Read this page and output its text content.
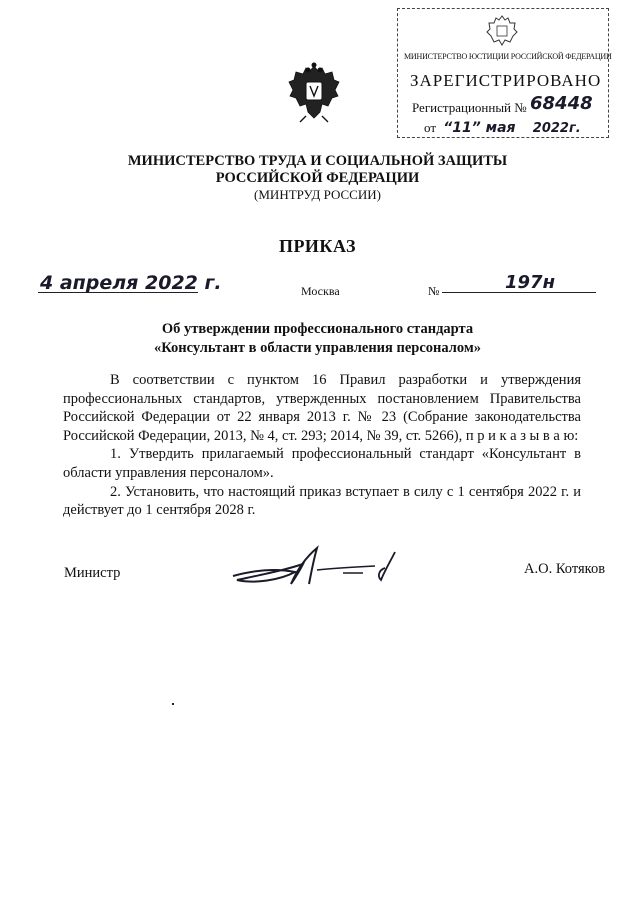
МИНИСТЕРСТВО ЮСТИЦИИ РОССИЙСКОЙ ФЕДЕРАЦИИ
ЗАРЕГИСТРИРОВАНО
Регистрационный № 68448
от “11” мая 2022г.
МИНИСТЕРСТВО ТРУДА И СОЦИАЛЬНОЙ ЗАЩИТЫ
РОССИЙСКОЙ ФЕДЕРАЦИИ
(МИНТРУД РОССИИ)
ПРИКАЗ
4 апреля 2022 г.	Москва	№	197н
Об утверждении профессионального стандарта
«Консультант в области управления персоналом»

В соответствии с пунктом 16 Правил разработки и утверждения профессиональных стандартов, утвержденных постановлением Правительства Российской Федерации от 22 января 2013 г. № 23 (Собрание законодательства Российской Федерации, 2013, № 4, ст. 293; 2014, № 39, ст. 5266), п р и к а з ы в а ю:

1. Утвердить прилагаемый профессиональный стандарт «Консультант в области управления персоналом».

2. Установить, что настоящий приказ вступает в силу с 1 сентября 2022 г. и действует до 1 сентября 2028 г.

Министр	А.О. Котяков
